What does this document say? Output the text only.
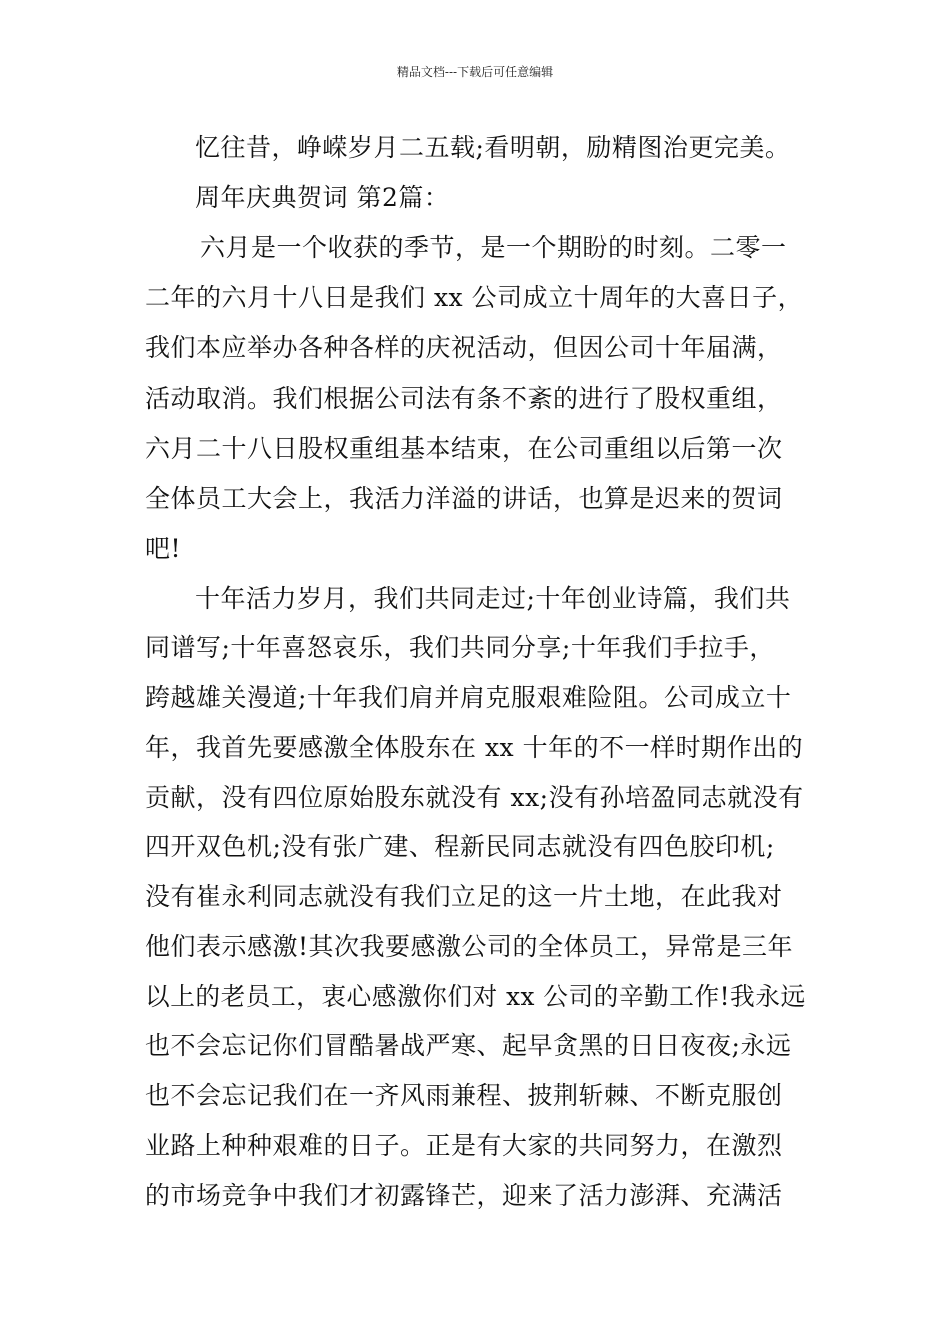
精品文档---下载后可任意编辑
忆往昔，峥嵘岁月二五载;看明朝，励精图治更完美。
周年庆典贺词 第2篇：
六月是一个收获的季节，是一个期盼的时刻。二零一
二年的六月十八日是我们 xx 公司成立十周年的大喜日子，
我们本应举办各种各样的庆祝活动，但因公司十年届满，
活动取消。我们根据公司法有条不紊的进行了股权重组，
六月二十八日股权重组基本结束，在公司重组以后第一次
全体员工大会上，我活力洋溢的讲话，也算是迟来的贺词
吧!
十年活力岁月，我们共同走过;十年创业诗篇，我们共
同谱写;十年喜怒哀乐，我们共同分享;十年我们手拉手，
跨越雄关漫道;十年我们肩并肩克服艰难险阻。公司成立十
年，我首先要感激全体股东在 xx 十年的不一样时期作出的
贡献，没有四位原始股东就没有 xx;没有孙培盈同志就没有
四开双色机;没有张广建、程新民同志就没有四色胶印机;
没有崔永利同志就没有我们立足的这一片土地，在此我对
他们表示感激!其次我要感激公司的全体员工，异常是三年
以上的老员工，衷心感激你们对 xx 公司的辛勤工作!我永远
也不会忘记你们冒酷暑战严寒、起早贪黑的日日夜夜;永远
也不会忘记我们在一齐风雨兼程、披荆斩棘、不断克服创
业路上种种艰难的日子。正是有大家的共同努力，在激烈
的市场竞争中我们才初露锋芒，迎来了活力澎湃、充满活
